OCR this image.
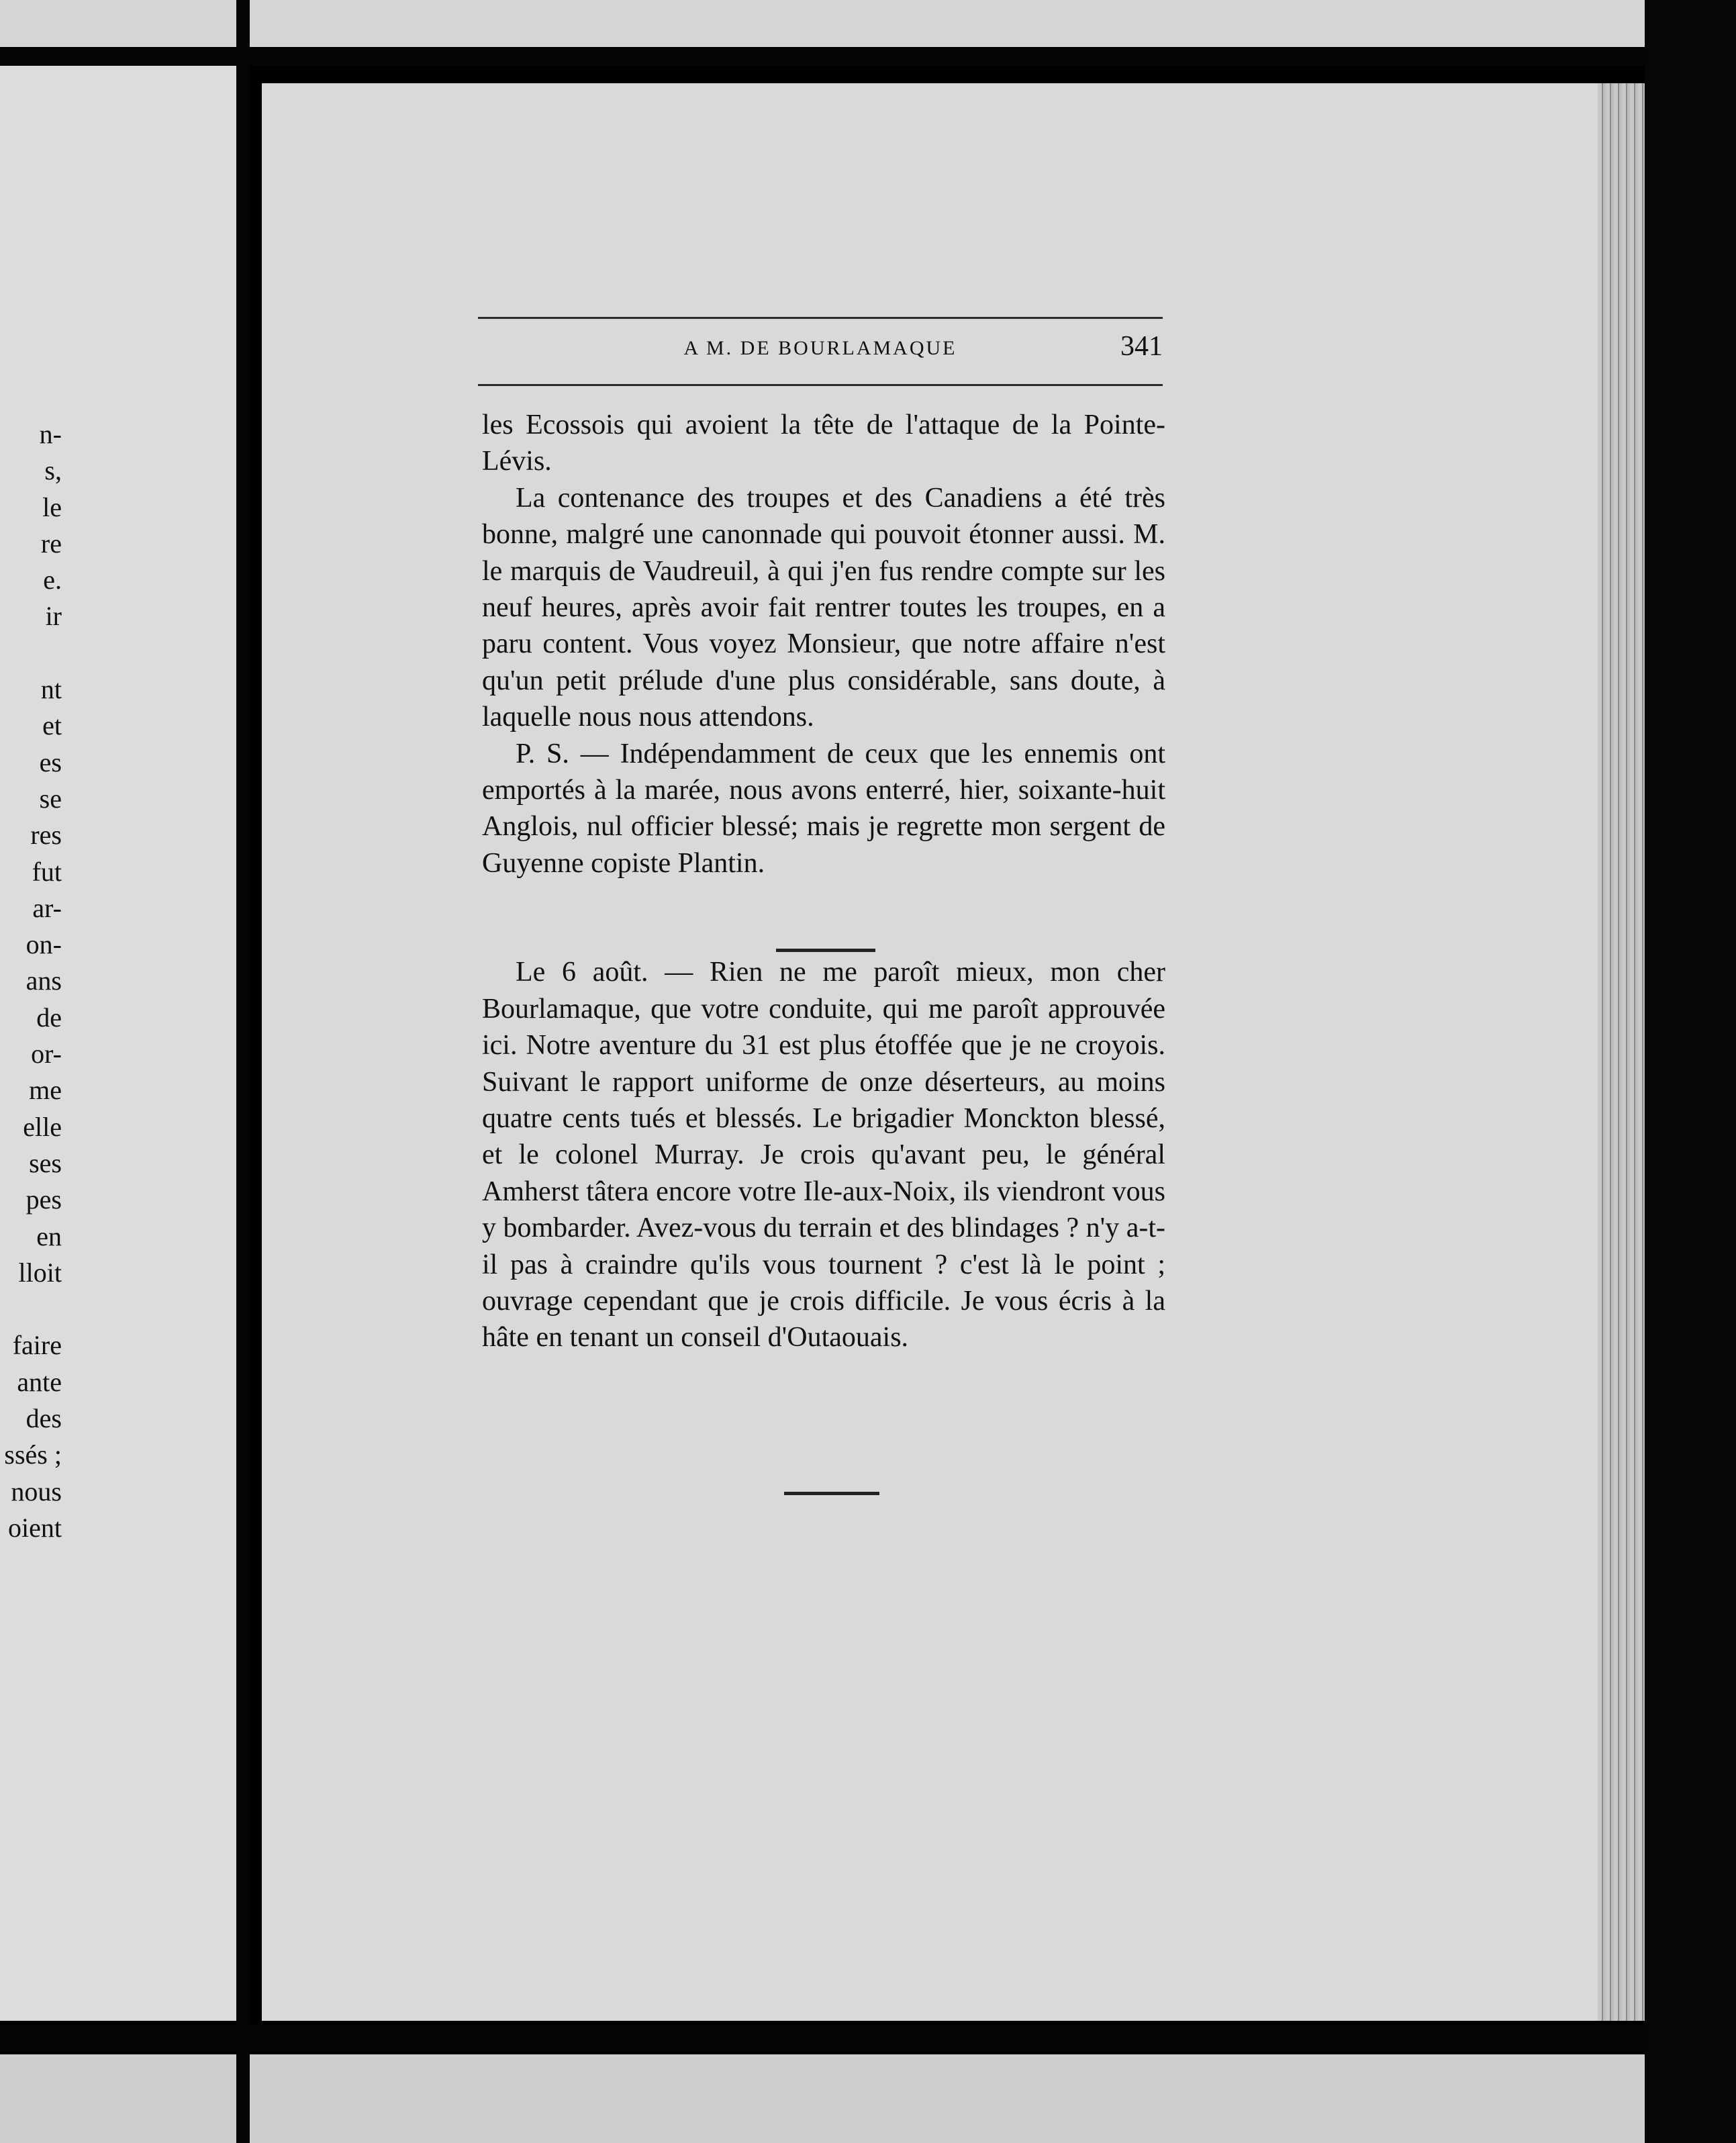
n-
s,
le
re
e.
ir
nt
et
es
se
res
fut
ar-
on-
ans
de
or-
me
elle
ses
pes
en
lloit
faire
ante
des
ssés ;
nous
oient
A M. DE BOURLAMAQUE	341

les Ecossois qui avoient la tête de l'attaque de la Pointe-Lévis.

La contenance des troupes et des Canadiens a été très bonne, malgré une canonnade qui pouvoit étonner aussi. M. le marquis de Vaudreuil, à qui j'en fus rendre compte sur les neuf heures, après avoir fait rentrer toutes les troupes, en a paru content. Vous voyez Monsieur, que notre affaire n'est qu'un petit prélude d'une plus considérable, sans doute, à laquelle nous nous attendons.

P. S. — Indépendamment de ceux que les ennemis ont emportés à la marée, nous avons enterré, hier, soixante-huit Anglois, nul officier blessé; mais je regrette mon sergent de Guyenne copiste Plantin.

Le 6 août. — Rien ne me paroît mieux, mon cher Bourlamaque, que votre conduite, qui me paroît approuvée ici. Notre aventure du 31 est plus étoffée que je ne croyois. Suivant le rapport uniforme de onze déserteurs, au moins quatre cents tués et blessés. Le brigadier Monckton blessé, et le colonel Murray. Je crois qu'avant peu, le général Amherst tâtera encore votre Ile-aux-Noix, ils viendront vous y bombarder. Avez-vous du terrain et des blindages ? n'y a-t-il pas à craindre qu'ils vous tournent ? c'est là le point ; ouvrage cependant que je crois difficile. Je vous écris à la hâte en tenant un conseil d'Outaouais.
